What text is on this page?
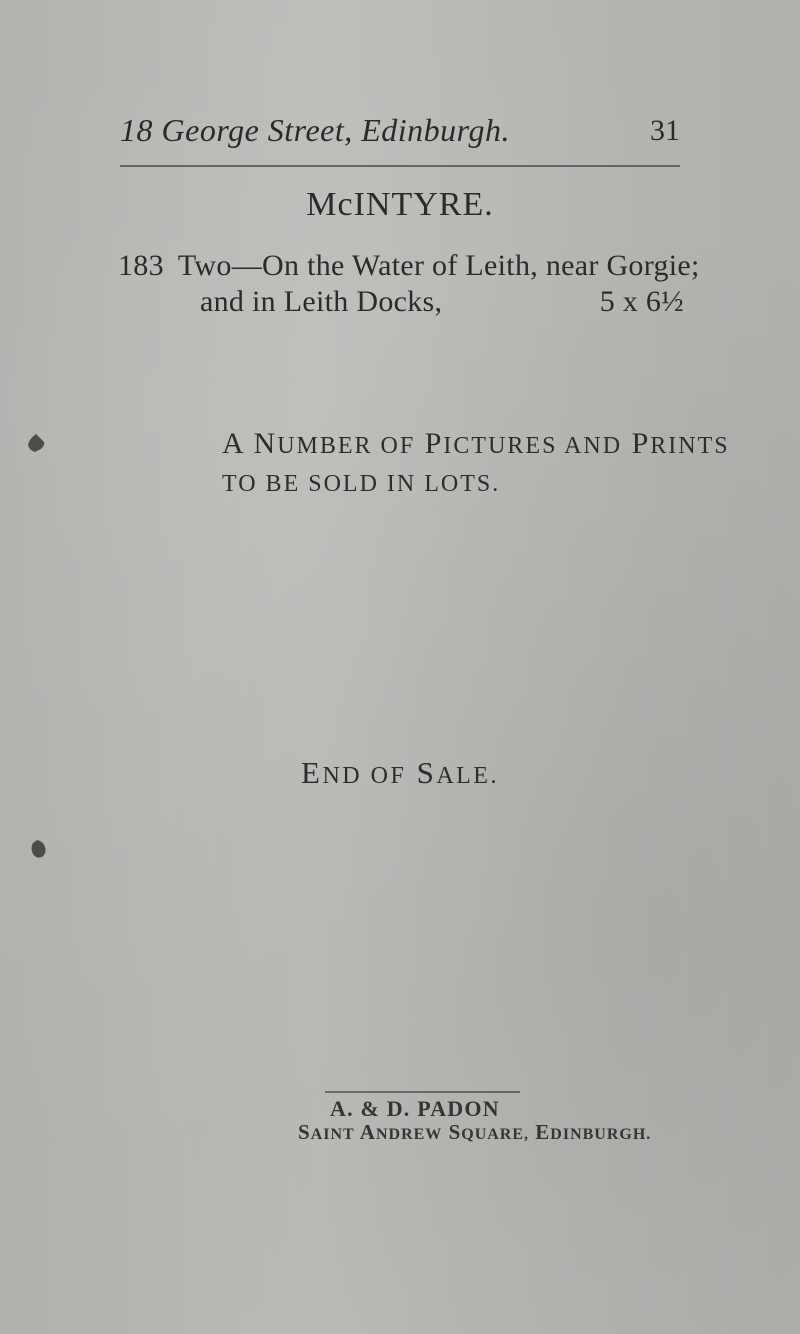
18 George Street, Edinburgh.	31
McINTYRE.
183 Two—On the Water of Leith, near Gorgie;
and in Leith Docks,	5 x 6½
A NUMBER OF PICTURES AND PRINTS
TO BE SOLD IN LOTS.
END OF SALE.
A. & D. PADON
SAINT ANDREW SQUARE, EDINBURGH.
